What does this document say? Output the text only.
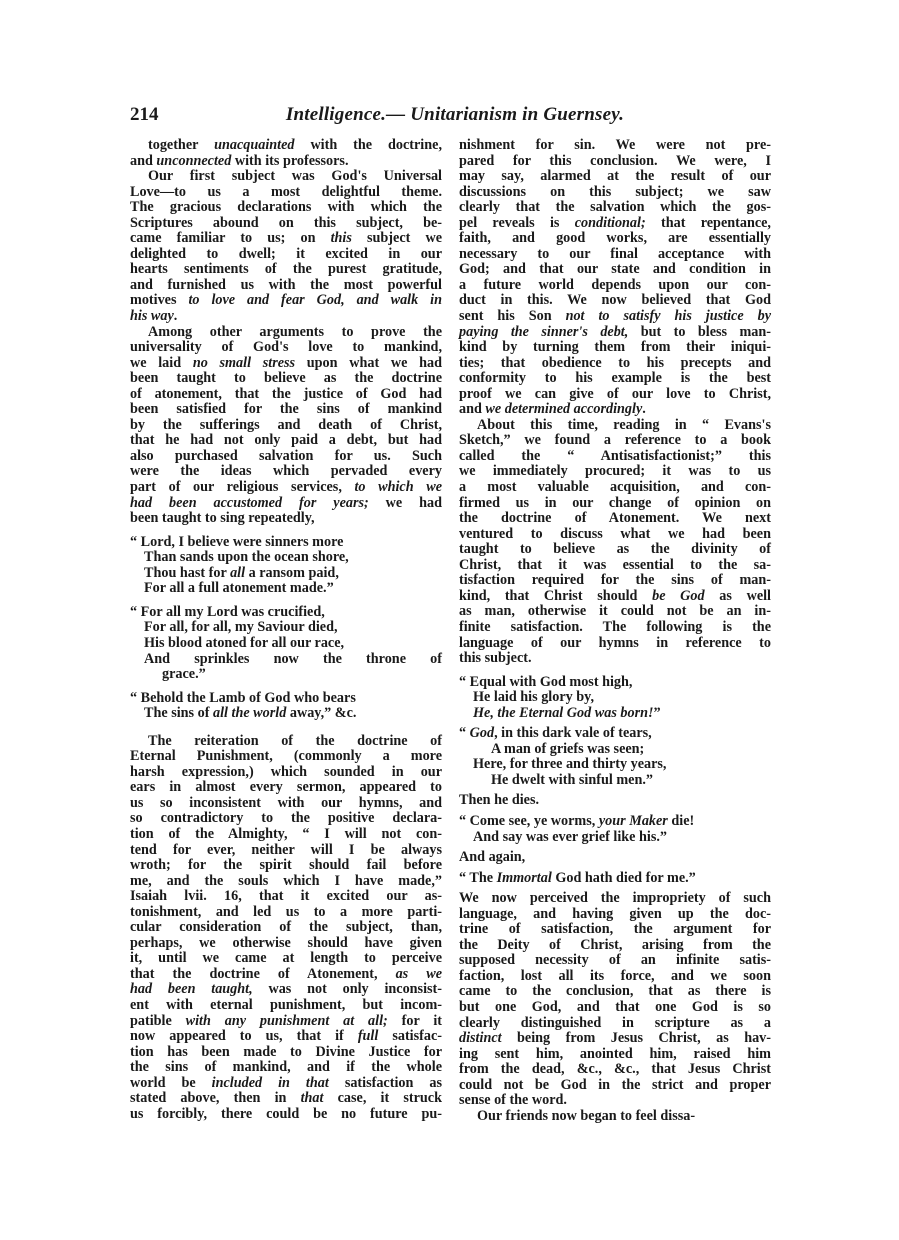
214	Intelligence.— Unitarianism in Guernsey.
together unacquainted with the doctrine,
and unconnected with its professors.
Our first subject was God's Universal
Love—to us a most delightful theme.
The gracious declarations with which the
Scriptures abound on this subject, be-
came familiar to us; on this subject we
delighted to dwell; it excited in our
hearts sentiments of the purest gratitude,
and furnished us with the most powerful
motives to love and fear God, and walk in
his way.
Among other arguments to prove the
universality of God's love to mankind,
we laid no small stress upon what we had
been taught to believe as the doctrine
of atonement, that the justice of God had
been satisfied for the sins of mankind
by the sufferings and death of Christ,
that he had not only paid a debt, but had
also purchased salvation for us. Such
were the ideas which pervaded every
part of our religious services, to which we
had been accustomed for years; we had
been taught to sing repeatedly,
“ Lord, I believe were sinners more
Than sands upon the ocean shore,
Thou hast for all a ransom paid,
For all a full atonement made.”
“ For all my Lord was crucified,
For all, for all, my Saviour died,
His blood atoned for all our race,
And sprinkles now the throne of
grace.”
“ Behold the Lamb of God who bears
The sins of all the world away,” &c.
The reiteration of the doctrine of
Eternal Punishment, (commonly a more
harsh expression,) which sounded in our
ears in almost every sermon, appeared to
us so inconsistent with our hymns, and
so contradictory to the positive declara-
tion of the Almighty, “ I will not con-
tend for ever, neither will I be always
wroth; for the spirit should fail before
me, and the souls which I have made,”
Isaiah lvii. 16, that it excited our as-
tonishment, and led us to a more parti-
cular consideration of the subject, than,
perhaps, we otherwise should have given
it, until we came at length to perceive
that the doctrine of Atonement, as we
had been taught, was not only inconsist-
ent with eternal punishment, but incom-
patible with any punishment at all; for it
now appeared to us, that if full satisfac-
tion has been made to Divine Justice for
the sins of mankind, and if the whole
world be included in that satisfaction as
stated above, then in that case, it struck
us forcibly, there could be no future pu-
nishment for sin. We were not pre-
pared for this conclusion. We were, I
may say, alarmed at the result of our
discussions on this subject; we saw
clearly that the salvation which the gos-
pel reveals is conditional; that repentance,
faith, and good works, are essentially
necessary to our final acceptance with
God; and that our state and condition in
a future world depends upon our con-
duct in this. We now believed that God
sent his Son not to satisfy his justice by
paying the sinner's debt, but to bless man-
kind by turning them from their iniqui-
ties; that obedience to his precepts and
conformity to his example is the best
proof we can give of our love to Christ,
and we determined accordingly.
About this time, reading in “ Evans's
Sketch,” we found a reference to a book
called the “ Antisatisfactionist;” this
we immediately procured; it was to us
a most valuable acquisition, and con-
firmed us in our change of opinion on
the doctrine of Atonement. We next
ventured to discuss what we had been
taught to believe as the divinity of
Christ, that it was essential to the sa-
tisfaction required for the sins of man-
kind, that Christ should be God as well
as man, otherwise it could not be an in-
finite satisfaction. The following is the
language of our hymns in reference to
this subject.
“ Equal with God most high,
He laid his glory by,
He, the Eternal God was born!”
“ God, in this dark vale of tears,
A man of griefs was seen;
Here, for three and thirty years,
He dwelt with sinful men.”
Then he dies.
“ Come see, ye worms, your Maker die!
And say was ever grief like his.”
And again,
“ The Immortal God hath died for me.”
We now perceived the impropriety of such
language, and having given up the doc-
trine of satisfaction, the argument for
the Deity of Christ, arising from the
supposed necessity of an infinite satis-
faction, lost all its force, and we soon
came to the conclusion, that as there is
but one God, and that one God is so
clearly distinguished in scripture as a
distinct being from Jesus Christ, as hav-
ing sent him, anointed him, raised him
from the dead, &c., &c., that Jesus Christ
could not be God in the strict and proper
sense of the word.
Our friends now began to feel dissa-
